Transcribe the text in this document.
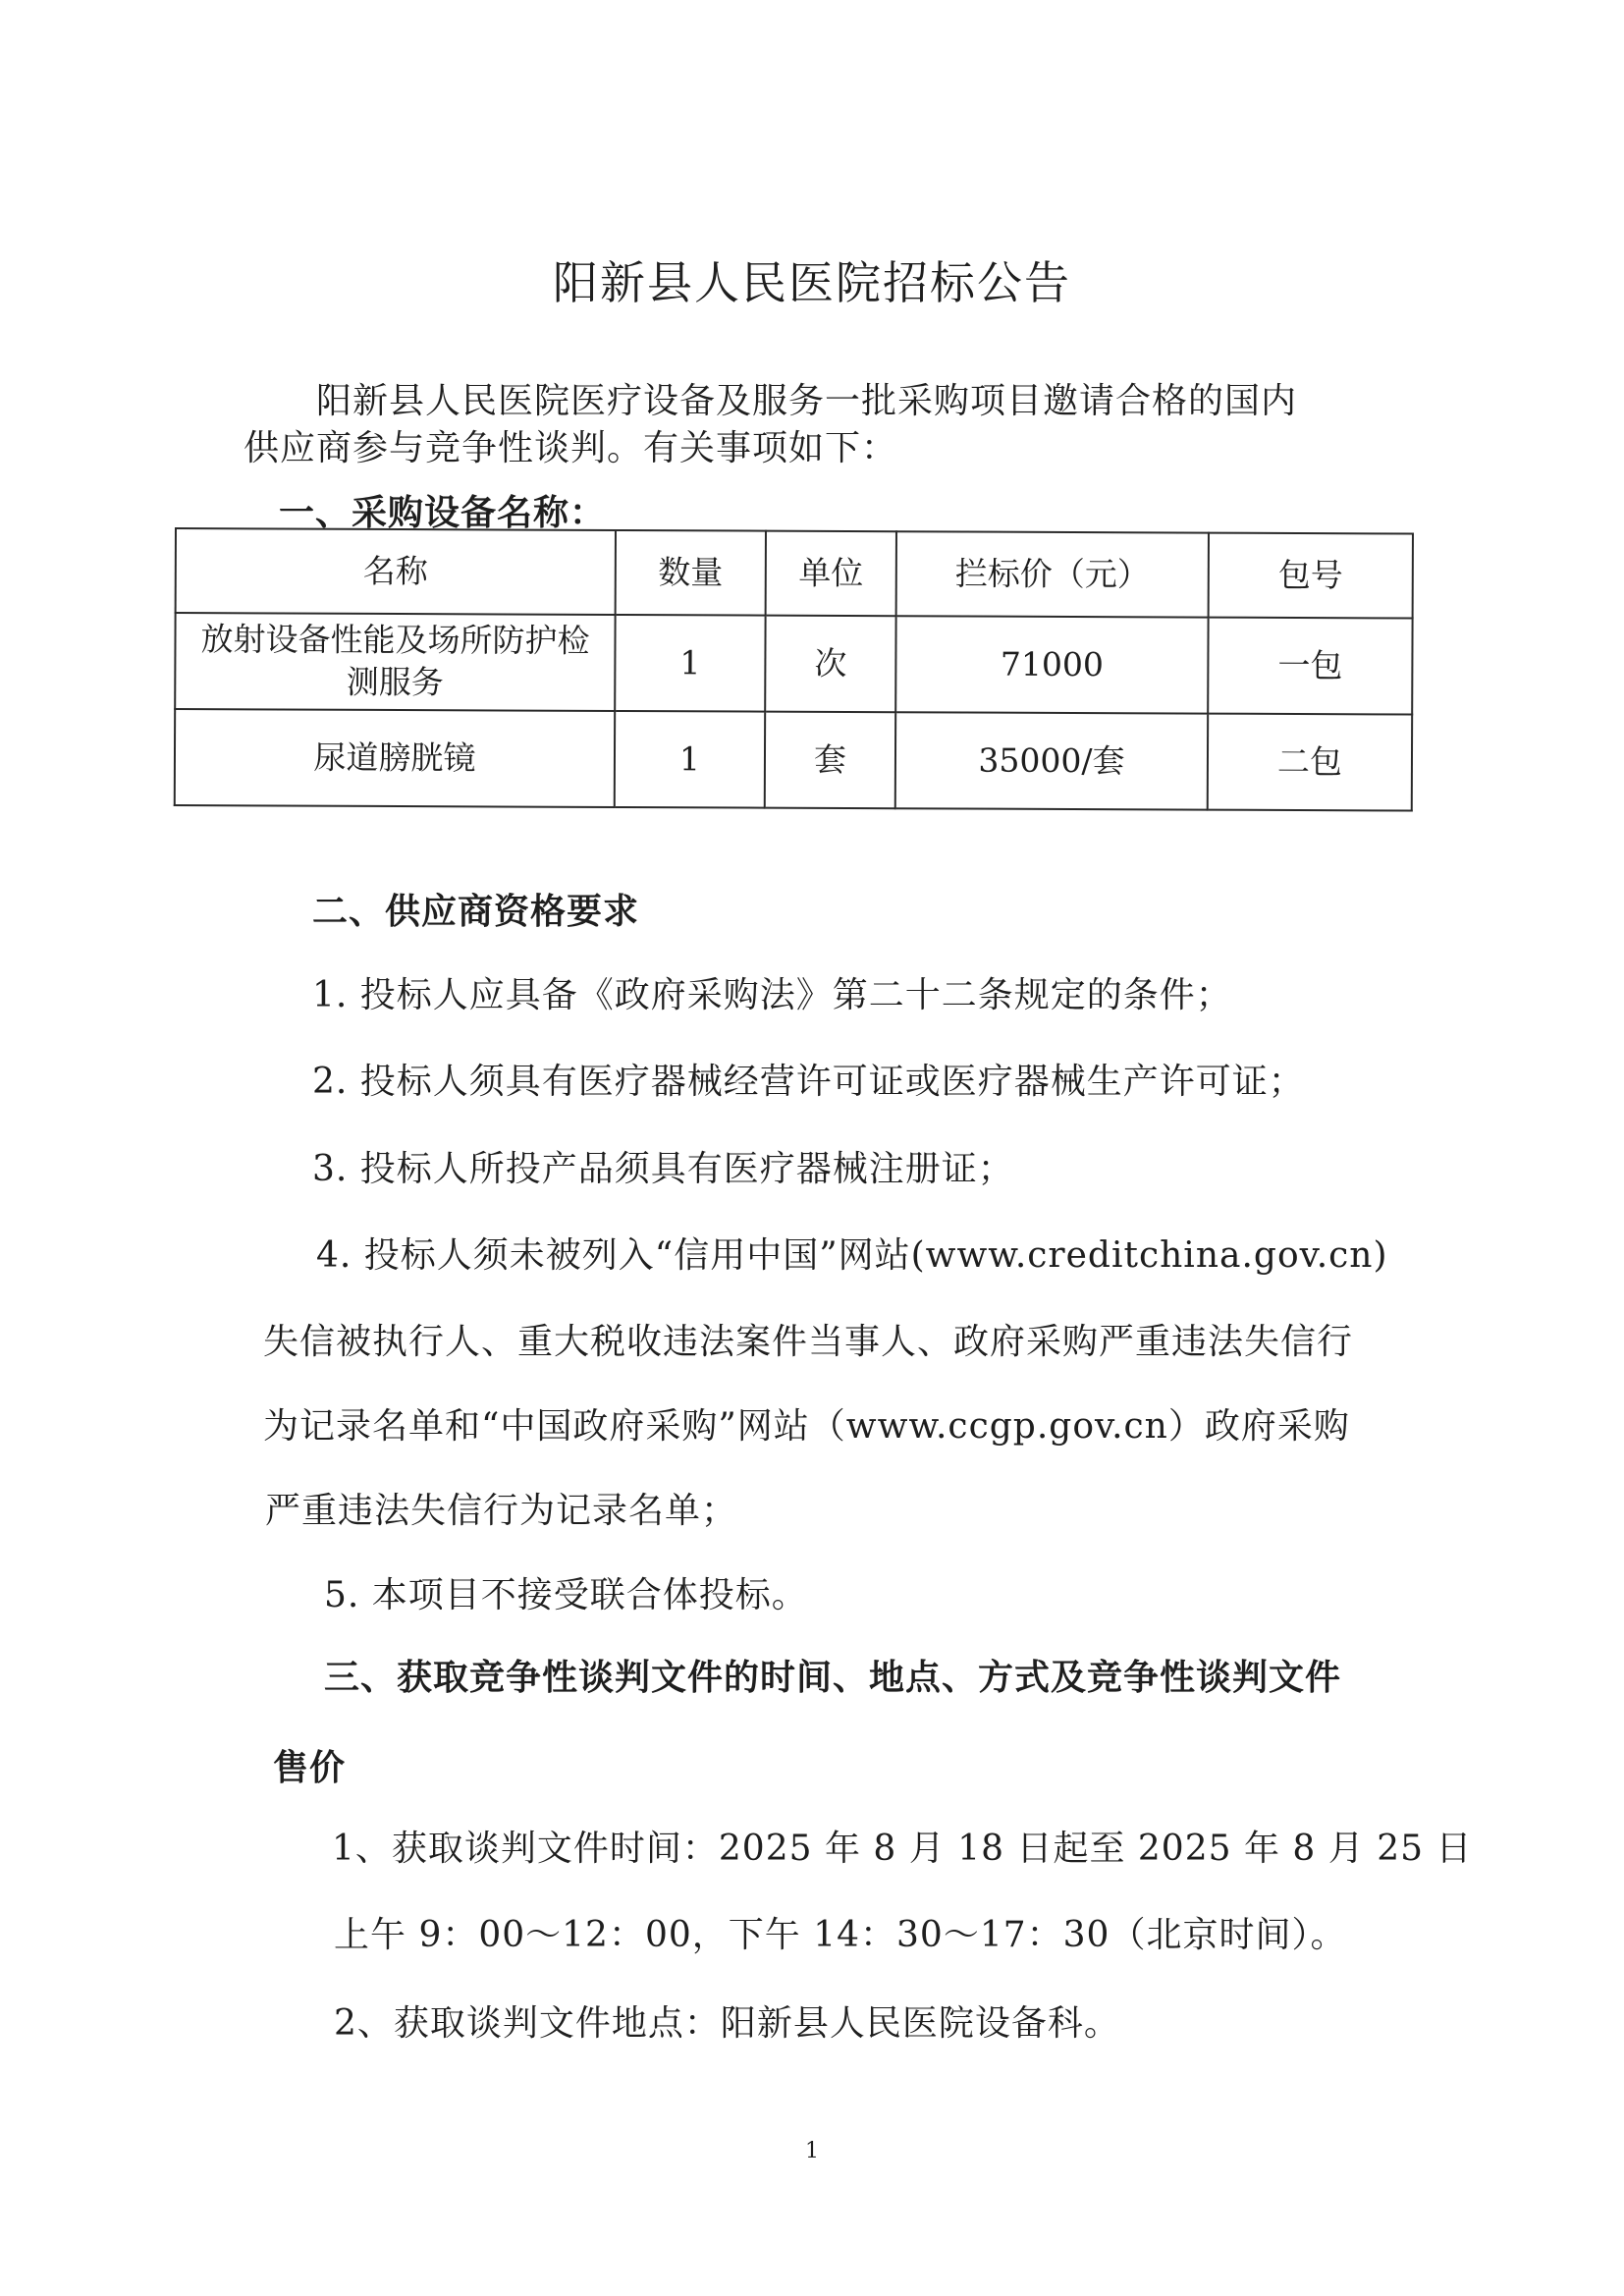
阳新县人民医院招标公告
阳新县人民医院医疗设备及服务一批采购项目邀请合格的国内
供应商参与竞争性谈判。有关事项如下：
一、采购设备名称：
名称	数量	单位	拦标价（元）	包号
放射设备性能及场所防护检测服务	1	次	71000	一包
尿道膀胱镜	1	套	35000/套	二包
二、供应商资格要求
1. 投标人应具备《政府采购法》第二十二条规定的条件；
2. 投标人须具有医疗器械经营许可证或医疗器械生产许可证；
3. 投标人所投产品须具有医疗器械注册证；
4. 投标人须未被列入“信用中国”网站(www.creditchina.gov.cn)
失信被执行人、重大税收违法案件当事人、政府采购严重违法失信行
为记录名单和“中国政府采购”网站（www.ccgp.gov.cn）政府采购
严重违法失信行为记录名单；
5. 本项目不接受联合体投标。
三、获取竞争性谈判文件的时间、地点、方式及竞争性谈判文件
售价
1、获取谈判文件时间：2025 年 8 月 18 日起至 2025 年 8 月 25 日
上午 9：00～12：00，下午 14：30～17：30（北京时间）。
2、获取谈判文件地点：阳新县人民医院设备科。
1
